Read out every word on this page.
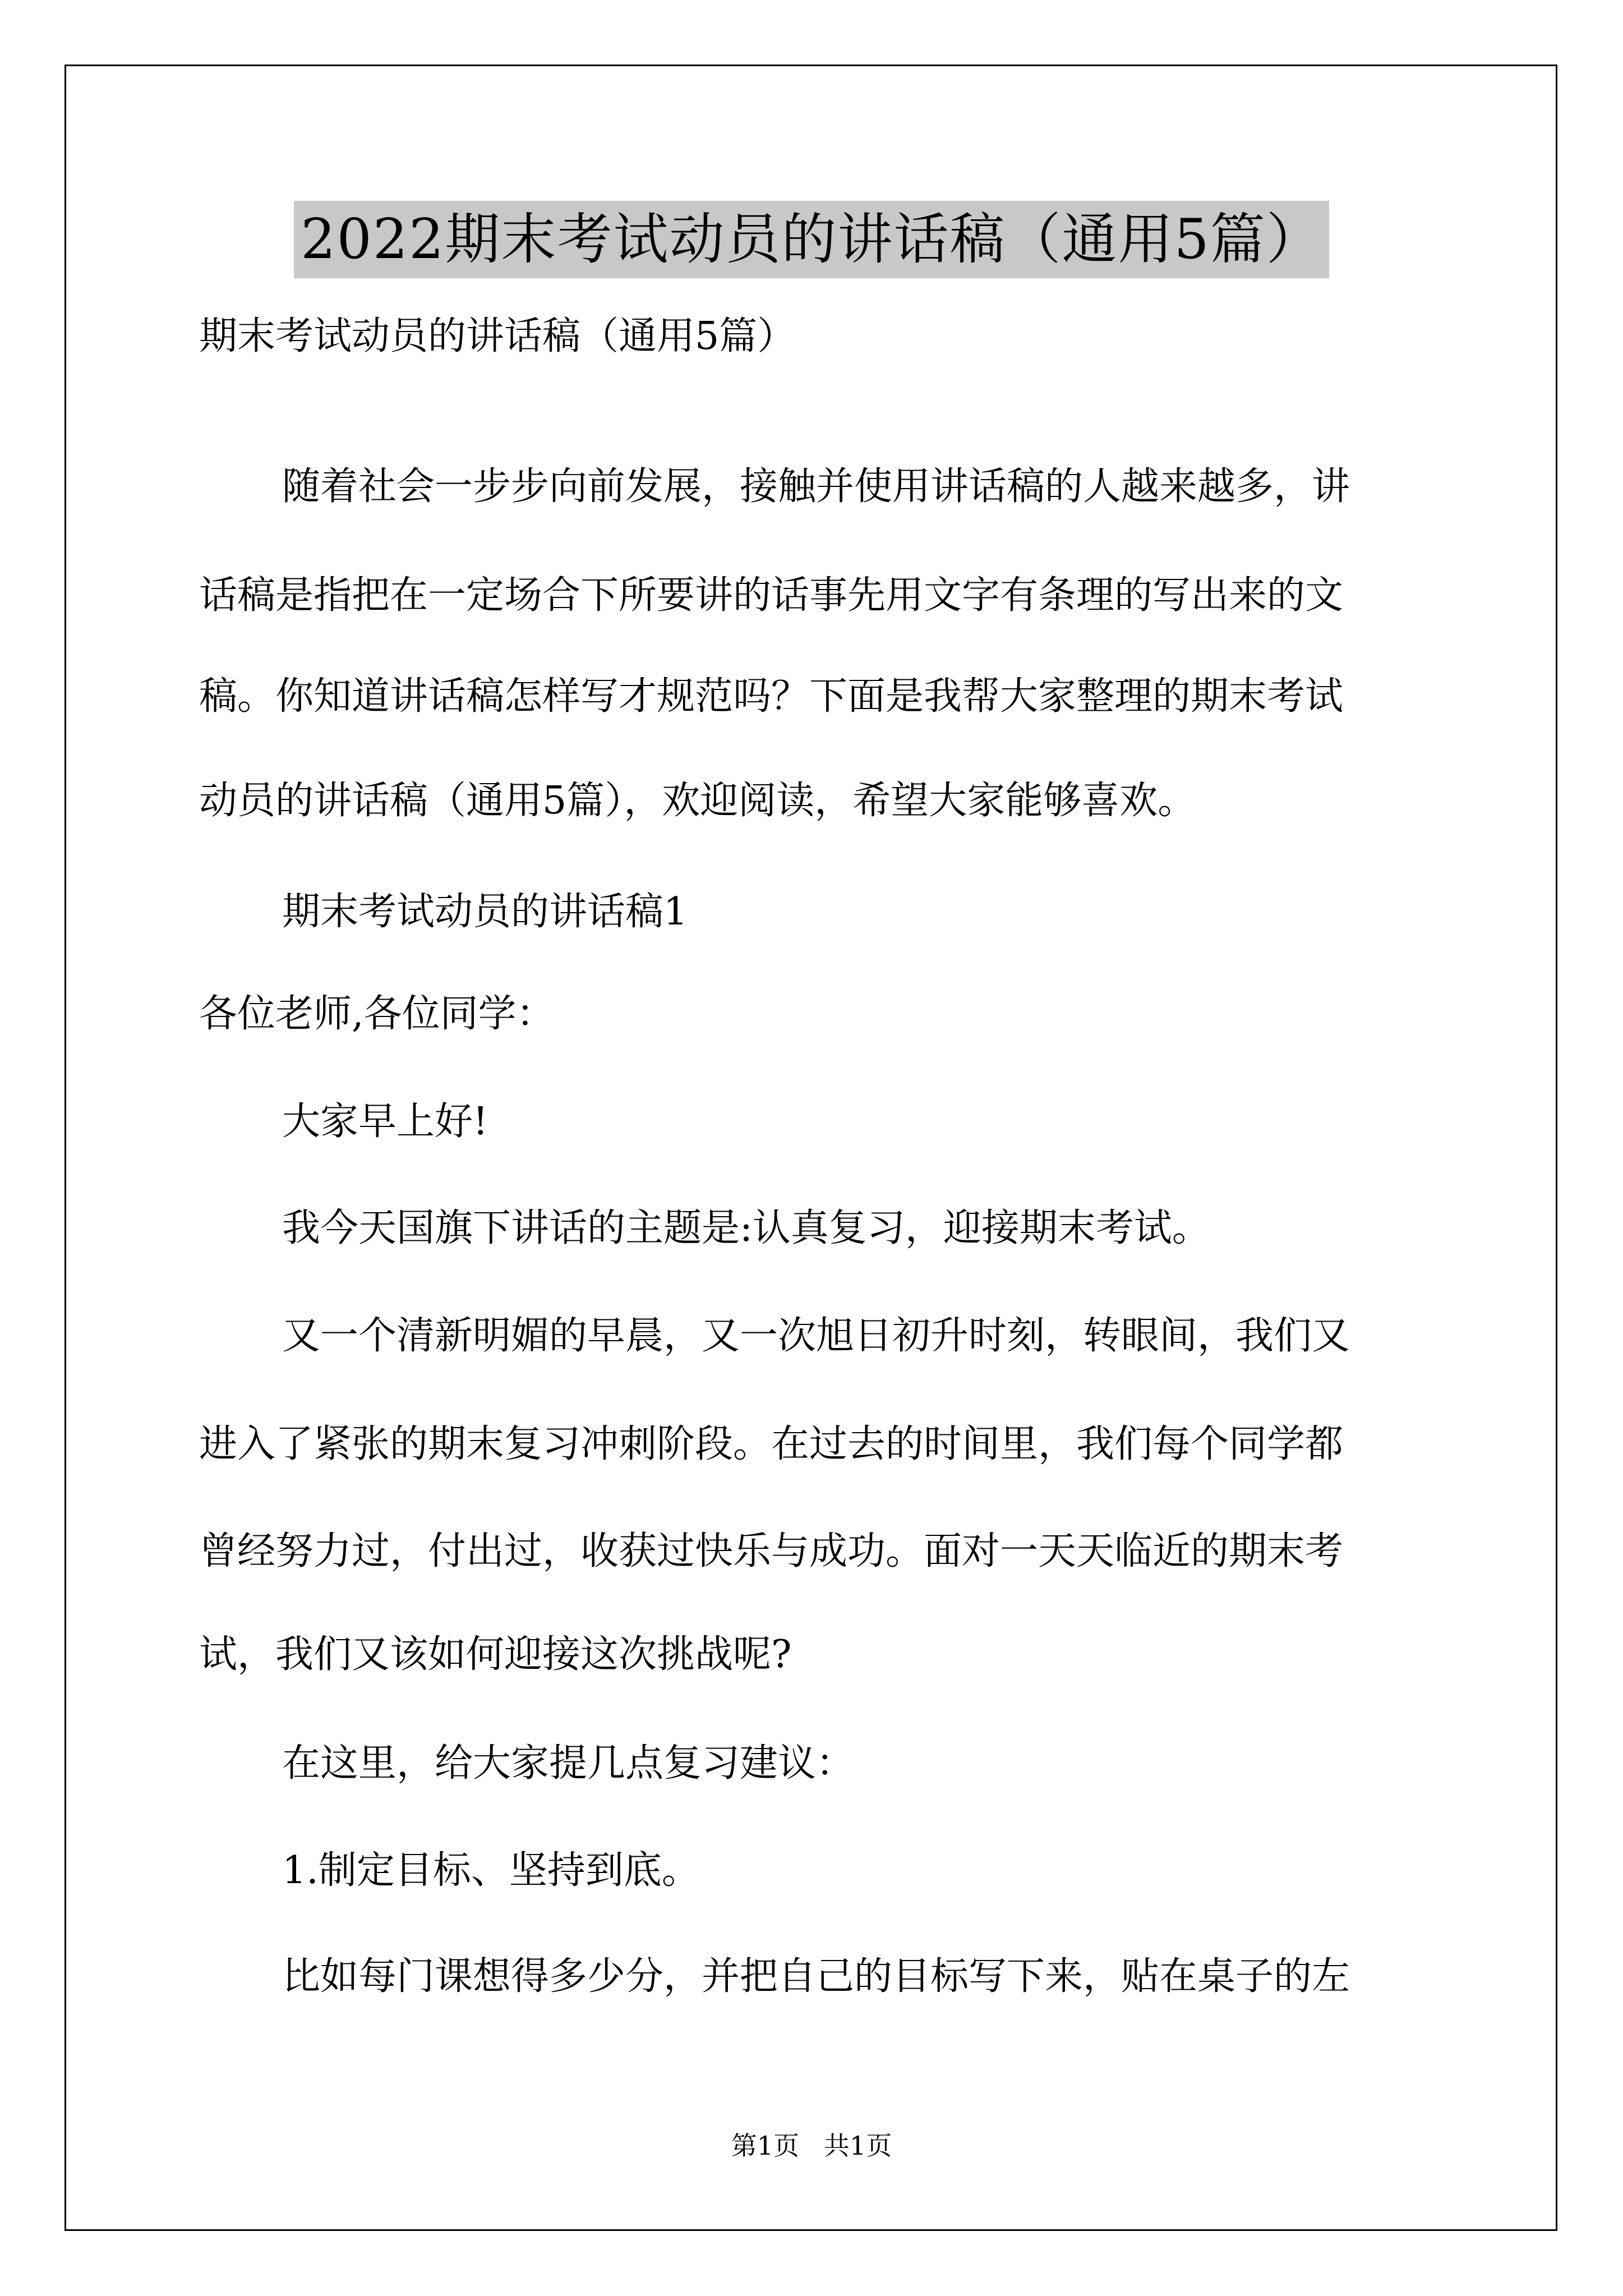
2022期末考试动员的讲话稿（通用5篇）
期末考试动员的讲话稿（通用5篇）
随着社会一步步向前发展，接触并使用讲话稿的人越来越多，讲
话稿是指把在一定场合下所要讲的话事先用文字有条理的写出来的文
稿。你知道讲话稿怎样写才规范吗？下面是我帮大家整理的期末考试
动员的讲话稿（通用5篇），欢迎阅读，希望大家能够喜欢。
期末考试动员的讲话稿1
各位老师,各位同学：
大家早上好!
我今天国旗下讲话的主题是:认真复习，迎接期末考试。
又一个清新明媚的早晨，又一次旭日初升时刻，转眼间，我们又
进入了紧张的期末复习冲刺阶段。在过去的时间里，我们每个同学都
曾经努力过，付出过，收获过快乐与成功。面对一天天临近的期末考
试，我们又该如何迎接这次挑战呢?
在这里，给大家提几点复习建议：
1.制定目标、坚持到底。
比如每门课想得多少分，并把自己的目标写下来，贴在桌子的左
第1页   共1页
